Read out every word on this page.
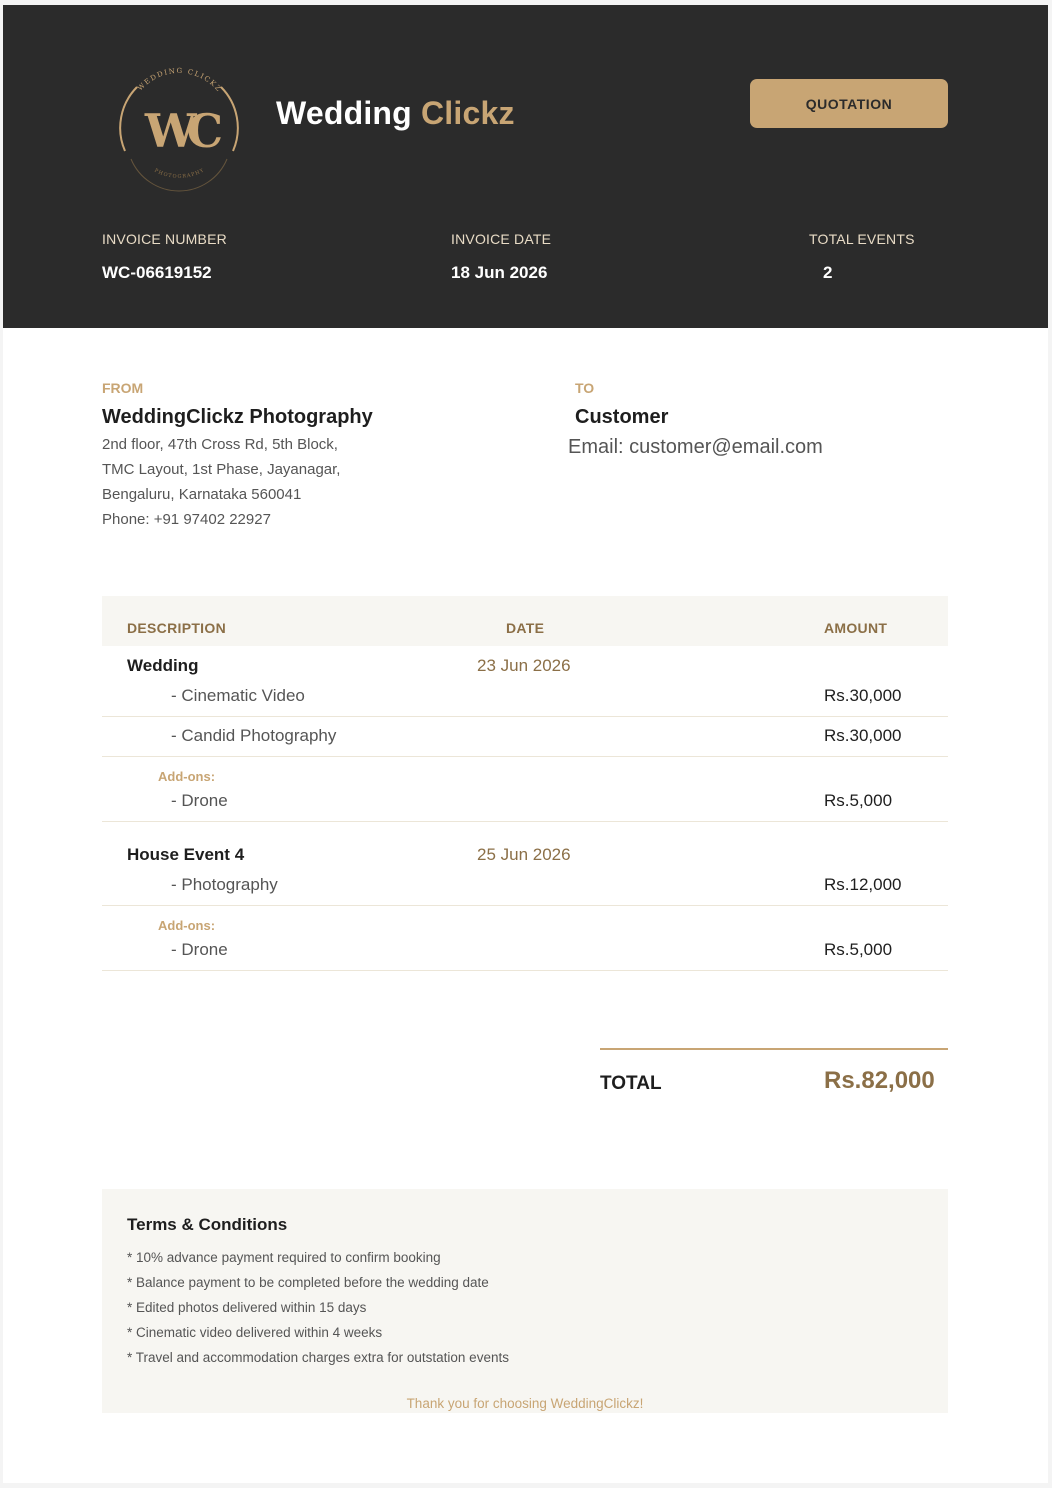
WEDDING CLICKZ
PHOTOGRAPHY
WC Wedding Clickz	QUOTATION
INVOICE NUMBER
WC-06619152
INVOICE DATE
18 Jun 2026
TOTAL EVENTS
2
FROM
WeddingClickz Photography
2nd floor, 47th Cross Rd, 5th Block,
TMC Layout, 1st Phase, Jayanagar,
Bengaluru, Karnataka 560041
Phone: +91 97402 22927
TO
Customer
Email: customer@email.com
DESCRIPTION	DATE	AMOUNT
Wedding	23 Jun 2026
- Cinematic Video	Rs.30,000
- Candid Photography	Rs.30,000
Add-ons:
- Drone	Rs.5,000
House Event 4	25 Jun 2026
- Photography	Rs.12,000
Add-ons:
- Drone	Rs.5,000
TOTAL	Rs.82,000
Terms & Conditions
* 10% advance payment required to confirm booking
* Balance payment to be completed before the wedding date
* Edited photos delivered within 15 days
* Cinematic video delivered within 4 weeks
* Travel and accommodation charges extra for outstation events
Thank you for choosing WeddingClickz!
